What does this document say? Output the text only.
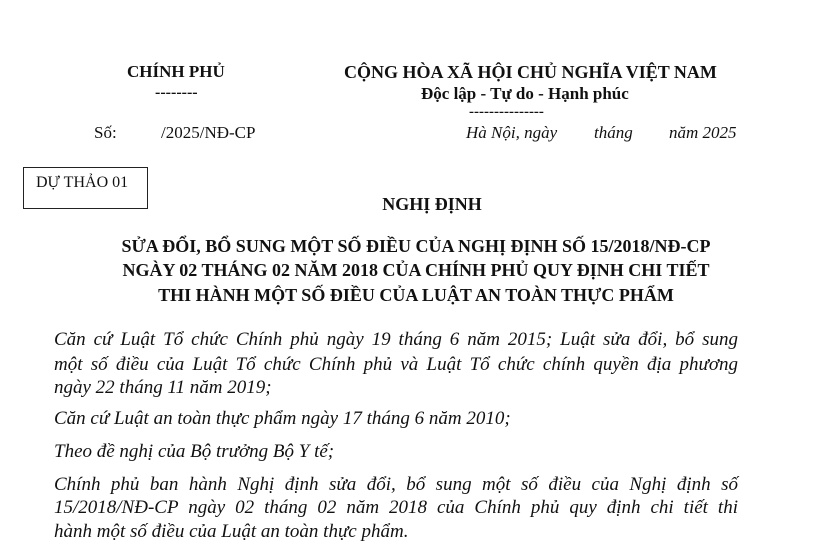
CHÍNH PHỦ
--------
CỘNG HÒA XÃ HỘI CHỦ NGHĨA VIỆT NAM
Độc lập - Tự do - Hạnh phúc
---------------
Số:	/2025/NĐ-CP	Hà Nội, ngày tháng năm 2025
DỰ THẢO 01
NGHỊ ĐỊNH
SỬA ĐỔI, BỔ SUNG MỘT SỐ ĐIỀU CỦA NGHỊ ĐỊNH SỐ 15/2018/NĐ-CP
NGÀY 02 THÁNG 02 NĂM 2018 CỦA CHÍNH PHỦ QUY ĐỊNH CHI TIẾT
THI HÀNH MỘT SỐ ĐIỀU CỦA LUẬT AN TOÀN THỰC PHẨM
Căn cứ Luật Tổ chức Chính phủ ngày 19 tháng 6 năm 2015; Luật sửa đổi, bổ sung
một số điều của Luật Tổ chức Chính phủ và Luật Tổ chức chính quyền địa phương
ngày 22 tháng 11 năm 2019;
Căn cứ Luật an toàn thực phẩm ngày 17 tháng 6 năm 2010;
Theo đề nghị của Bộ trưởng Bộ Y tế;
Chính phủ ban hành Nghị định sửa đổi, bổ sung một số điều của Nghị định số
15/2018/NĐ-CP ngày 02 tháng 02 năm 2018 của Chính phủ quy định chi tiết thi
hành một số điều của Luật an toàn thực phẩm.
